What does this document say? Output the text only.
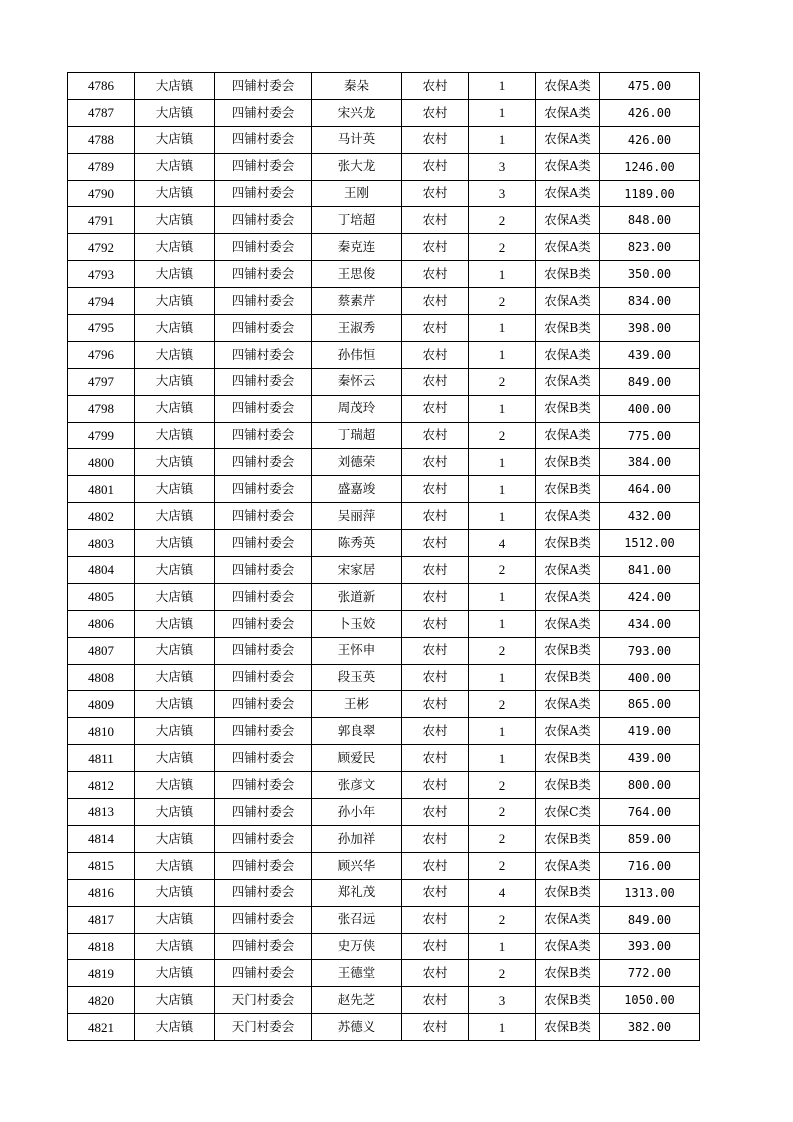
4786	大店镇	四铺村委会	秦朵	农村	1	农保A类	475.00
4787	大店镇	四铺村委会	宋兴龙	农村	1	农保A类	426.00
4788	大店镇	四铺村委会	马计英	农村	1	农保A类	426.00
4789	大店镇	四铺村委会	张大龙	农村	3	农保A类	1246.00
4790	大店镇	四铺村委会	王刚	农村	3	农保A类	1189.00
4791	大店镇	四铺村委会	丁培超	农村	2	农保A类	848.00
4792	大店镇	四铺村委会	秦克连	农村	2	农保A类	823.00
4793	大店镇	四铺村委会	王思俊	农村	1	农保B类	350.00
4794	大店镇	四铺村委会	蔡素芹	农村	2	农保A类	834.00
4795	大店镇	四铺村委会	王淑秀	农村	1	农保B类	398.00
4796	大店镇	四铺村委会	孙伟恒	农村	1	农保A类	439.00
4797	大店镇	四铺村委会	秦怀云	农村	2	农保A类	849.00
4798	大店镇	四铺村委会	周茂玲	农村	1	农保B类	400.00
4799	大店镇	四铺村委会	丁瑞超	农村	2	农保A类	775.00
4800	大店镇	四铺村委会	刘德荣	农村	1	农保B类	384.00
4801	大店镇	四铺村委会	盛嘉竣	农村	1	农保B类	464.00
4802	大店镇	四铺村委会	吴丽萍	农村	1	农保A类	432.00
4803	大店镇	四铺村委会	陈秀英	农村	4	农保B类	1512.00
4804	大店镇	四铺村委会	宋家居	农村	2	农保A类	841.00
4805	大店镇	四铺村委会	张道新	农村	1	农保A类	424.00
4806	大店镇	四铺村委会	卜玉姣	农村	1	农保A类	434.00
4807	大店镇	四铺村委会	王怀申	农村	2	农保B类	793.00
4808	大店镇	四铺村委会	段玉英	农村	1	农保B类	400.00
4809	大店镇	四铺村委会	王彬	农村	2	农保A类	865.00
4810	大店镇	四铺村委会	郭良翠	农村	1	农保A类	419.00
4811	大店镇	四铺村委会	顾爱民	农村	1	农保B类	439.00
4812	大店镇	四铺村委会	张彦文	农村	2	农保B类	800.00
4813	大店镇	四铺村委会	孙小年	农村	2	农保C类	764.00
4814	大店镇	四铺村委会	孙加祥	农村	2	农保B类	859.00
4815	大店镇	四铺村委会	顾兴华	农村	2	农保A类	716.00
4816	大店镇	四铺村委会	郑礼茂	农村	4	农保B类	1313.00
4817	大店镇	四铺村委会	张召远	农村	2	农保A类	849.00
4818	大店镇	四铺村委会	史万侠	农村	1	农保A类	393.00
4819	大店镇	四铺村委会	王德堂	农村	2	农保B类	772.00
4820	大店镇	天门村委会	赵先芝	农村	3	农保B类	1050.00
4821	大店镇	天门村委会	苏德义	农村	1	农保B类	382.00
